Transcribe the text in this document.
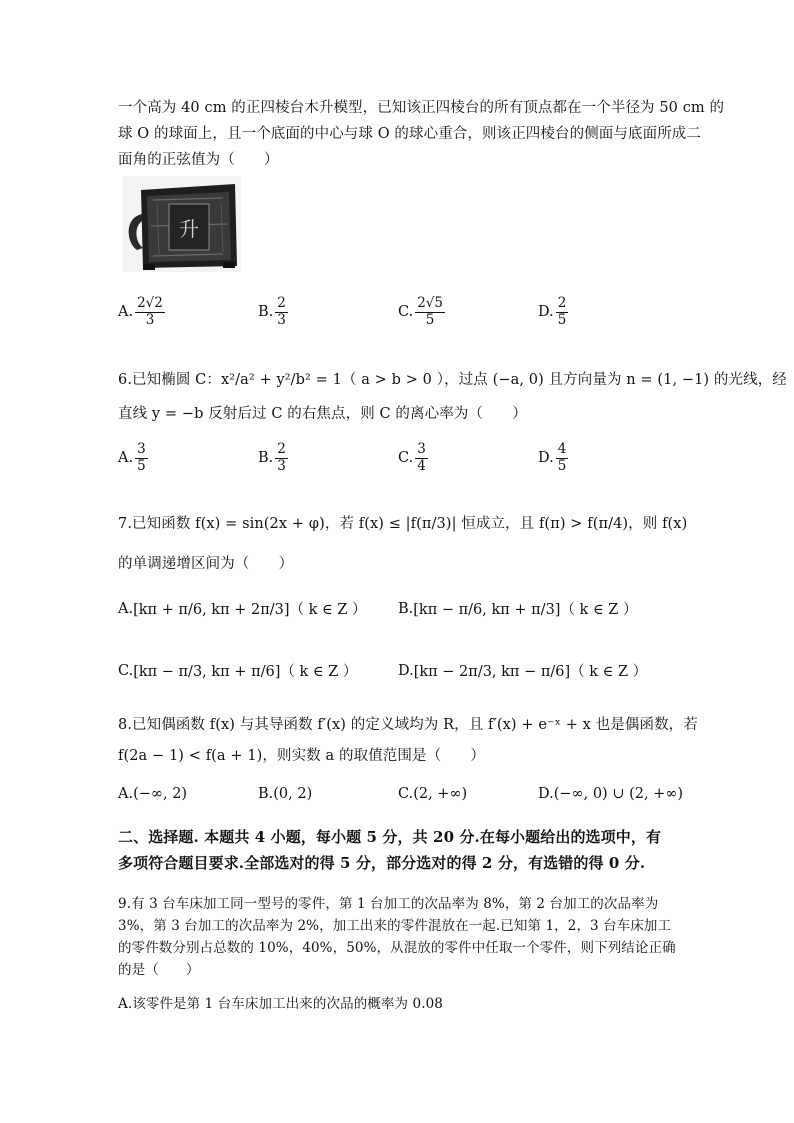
一个高为 40 cm 的正四棱台木升模型，已知该正四棱台的所有顶点都在一个半径为 50 cm 的
球 O 的球面上，且一个底面的中心与球 O 的球心重合，则该正四棱台的侧面与底面所成二
面角的正弦值为（　　）
升
A. $\frac{2√2}{3}$	B. $\frac{2}{3}$	C. $\frac{2√5}{5}$	D. $\frac{2}{5}$
6.已知椭圆 C：x²/a² + y²/b² = 1（ a > b > 0 ），过点 (−a, 0) 且方向量为 n = (1, −1) 的光线，经
直线 y = −b 反射后过 C 的右焦点，则 C 的离心率为（　　）
A. $\frac{3}{5}$	B. $\frac{2}{3}$	C. $\frac{3}{4}$	D. $\frac{4}{5}$
7.已知函数 f(x) = sin(2x + φ)，若 f(x) ≤ |f(π/3)| 恒成立，且 f(π) > f(π/4)，则 f(x)
的单调递增区间为（　　）
A. [kπ + π/6, kπ + 2π/3]（ k ∈ Z ） B. [kπ − π/6, kπ + π/3]（ k ∈ Z ）
C. [kπ − π/3, kπ + π/6]（ k ∈ Z ）	D. [kπ − 2π/3, kπ − π/6]（ k ∈ Z ）
8.已知偶函数 f(x) 与其导函数 f′(x) 的定义域均为 R，且 f′(x) + e⁻ˣ + x 也是偶函数，若
f(2a − 1) < f(a + 1)，则实数 a 的取值范围是（　　）
A. (−∞, 2)	B. (0, 2)	C. (2, +∞)	D. (−∞, 0) ∪ (2, +∞)
二、选择题. 本题共 4 小题，每小题 5 分，共 20 分.在每小题给出的选项中，有
多项符合题目要求.全部选对的得 5 分，部分选对的得 2 分，有选错的得 0 分.
9.有 3 台车床加工同一型号的零件，第 1 台加工的次品率为 8%，第 2 台加工的次品率为
3%，第 3 台加工的次品率为 2%，加工出来的零件混放在一起.已知第 1，2，3 台车床加工
的零件数分别占总数的 10%，40%，50%，从混放的零件中任取一个零件，则下列结论正确
的是（　　）
A.该零件是第 1 台车床加工出来的次品的概率为 0.08
